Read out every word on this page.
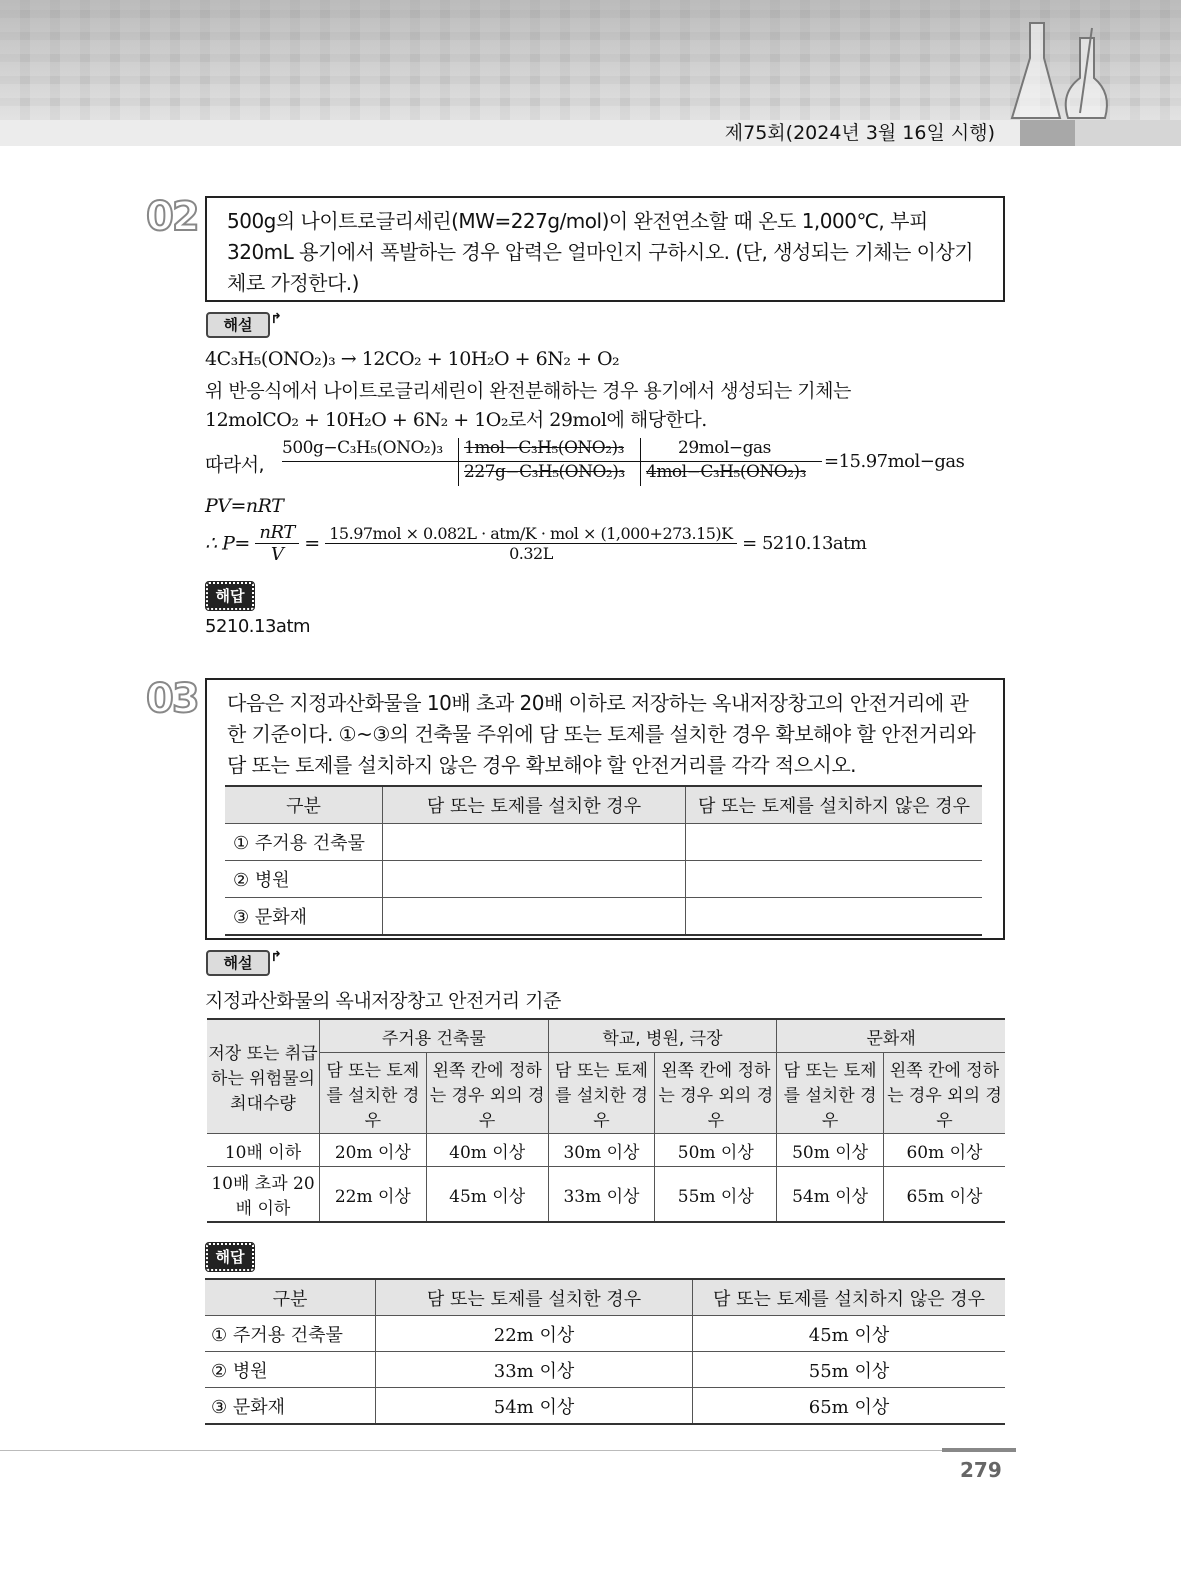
제75회(2024년 3월 16일 시행)
02	500g의 나이트로글리세린(MW=227g/mol)이 완전연소할 때 온도 1,000℃, 부피 320mL 용기에서 폭발하는 경우 압력은 얼마인지 구하시오. (단, 생성되는 기체는 이상기체로 가정한다.)
해설 ↱
4C₃H₅(ONO₂)₃ → 12CO₂ + 10H₂O + 6N₂ + O₂
위 반응식에서 나이트로글리세린이 완전분해하는 경우 용기에서 생성되는 기체는
12molCO₂ + 10H₂O + 6N₂ + 1O₂로서 29mol에 해당한다.
따라서,
500g−C₃H₅(ONO₂)₃	1mol−C₃H₅(ONO₂)₃
227g−C₃H₅(ONO₂)₃
29mol−gas
4mol−C₃H₅(ONO₂)₃ =15.97mol−gas
PV=nRT
∴ $P= \frac{\text{nRT}}{V} = \frac{\text{15.97mol × 0.082L · atm/K · mol × (1,000+273.15)K}}{0.32L} = 5210.13atm$
해답
5210.13atm
03	다음은 지정과산화물을 10배 초과 20배 이하로 저장하는 옥내저장창고의 안전거리에 관한 기준이다. ①~③의 건축물 주위에 담 또는 토제를 설치한 경우 확보해야 할 안전거리와 담 또는 토제를 설치하지 않은 경우 확보해야 할 안전거리를 각각 적으시오.
구분	담 또는 토제를 설치한 경우	담 또는 토제를 설치하지 않은 경우
① 주거용 건축물		
② 병원		
③ 문화재		
해설 ↱
지정과산화물의 옥내저장창고 안전거리 기준
저장 또는 취급하는 위험물의 최대수량	주거용 건축물		학교, 병원, 극장		문화재	
	담 또는 토제를 설치한 경우	왼쪽 칸에 정하는 경우 외의 경우	담 또는 토제를 설치한 경우	왼쪽 칸에 정하는 경우 외의 경우	담 또는 토제를 설치한 경우	왼쪽 칸에 정하는 경우 외의 경우
10배 이하	20m 이상	40m 이상	30m 이상	50m 이상	50m 이상	60m 이상
10배 초과 20배 이하	22m 이상	45m 이상	33m 이상	55m 이상	54m 이상	65m 이상
해답
구분	담 또는 토제를 설치한 경우	담 또는 토제를 설치하지 않은 경우
① 주거용 건축물	22m 이상	45m 이상
② 병원	33m 이상	55m 이상
③ 문화재	54m 이상	65m 이상
279
